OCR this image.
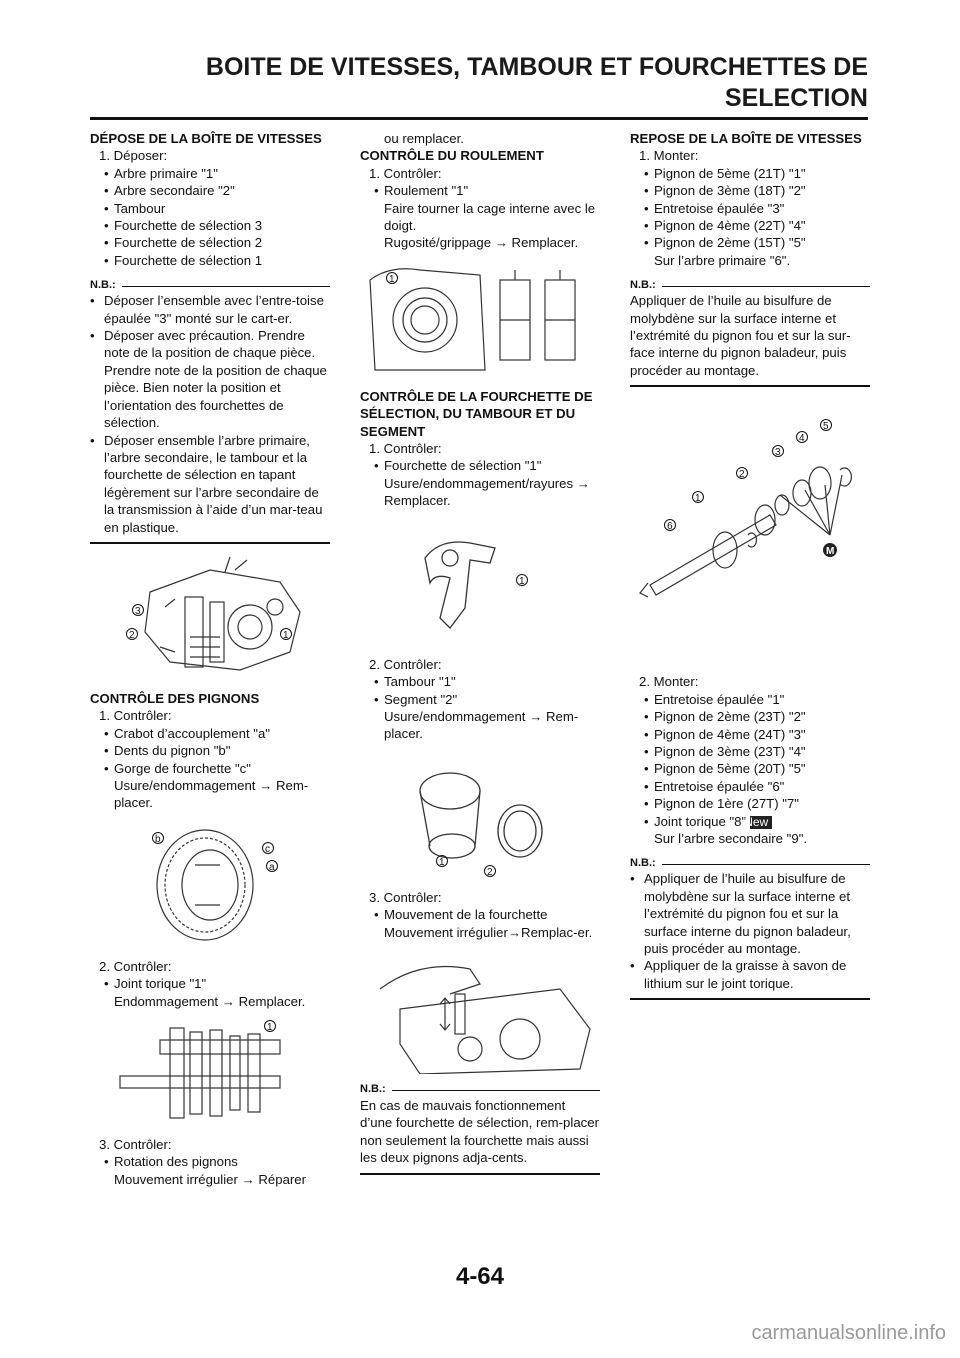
BOITE DE VITESSES, TAMBOUR ET FOURCHETTES DE
SELECTION
DÉPOSE DE LA BOÎTE DE VITESSES
1. Déposer:
• Arbre primaire "1"
• Arbre secondaire "2"
• Tambour
• Fourchette de sélection 3
• Fourchette de sélection 2
• Fourchette de sélection 1
N.B.:
• Déposer l’ensemble avec l’entre-toise épaulée "3" monté sur le cart-er.
• Déposer avec précaution. Prendre note de la position de chaque pièce. Prendre note de la position de chaque pièce. Bien noter la position et l’orientation des fourchettes de sélection.
• Déposer ensemble l’arbre primaire, l’arbre secondaire, le tambour et la fourchette de sélection en tapant légèrement sur l’arbre secondaire de la transmission à l’aide d’un mar-teau en plastique.
3
2	1
CONTRÔLE DES PIGNONS
1. Contrôler:
• Crabot d’accouplement "a"
• Dents du pignon "b"
• Gorge de fourchette "c"
Usure/endommagement → Rem-placer.
b
c
a
2. Contrôler:
• Joint torique "1"
Endommagement → Remplacer.
1
3. Contrôler:
• Rotation des pignons
Mouvement irrégulier → Réparer
ou remplacer.
CONTRÔLE DU ROULEMENT
1. Contrôler:
• Roulement "1"
Faire tourner la cage interne avec le doigt.
Rugosité/grippage → Remplacer.
1
CONTRÔLE DE LA FOURCHETTE DE SÉLECTION, DU TAMBOUR ET DU SEGMENT
1. Contrôler:
• Fourchette de sélection "1"
Usure/endommagement/rayures → Remplacer.
1
2. Contrôler:
• Tambour "1"
• Segment "2"
Usure/endommagement → Rem-placer.
1
2
3. Contrôler:
• Mouvement de la fourchette
Mouvement irrégulier→Remplac-er.
N.B.:
En cas de mauvais fonctionnement d’une fourchette de sélection, rem-placer non seulement la fourchette mais aussi les deux pignons adja-cents.
REPOSE DE LA BOÎTE DE VITESSES
1. Monter:
• Pignon de 5ème (21T) "1"
• Pignon de 3ème (18T) "2"
• Entretoise épaulée "3"
• Pignon de 4ème (22T) "4"
• Pignon de 2ème (15T) "5"
Sur l’arbre primaire "6".
N.B.:
Appliquer de l’huile au bisulfure de molybdène sur la surface interne et l’extrémité du pignon fou et sur la sur-face interne du pignon baladeur, puis procéder au montage.
5
4
3
2
1
6
M
2. Monter:
• Entretoise épaulée "1"
• Pignon de 2ème (23T) "2"
• Pignon de 4ème (24T) "3"
• Pignon de 3ème (23T) "4"
• Pignon de 5ème (20T) "5"
• Entretoise épaulée "6"
• Pignon de 1ère (27T) "7"
• Joint torique "8"New
Sur l’arbre secondaire "9".
N.B.:
• Appliquer de l’huile au bisulfure de molybdène sur la surface interne et l’extrémité du pignon fou et sur la surface interne du pignon baladeur, puis procéder au montage.
• Appliquer de la graisse à savon de lithium sur le joint torique.
4-64
carmanualsonline.info
